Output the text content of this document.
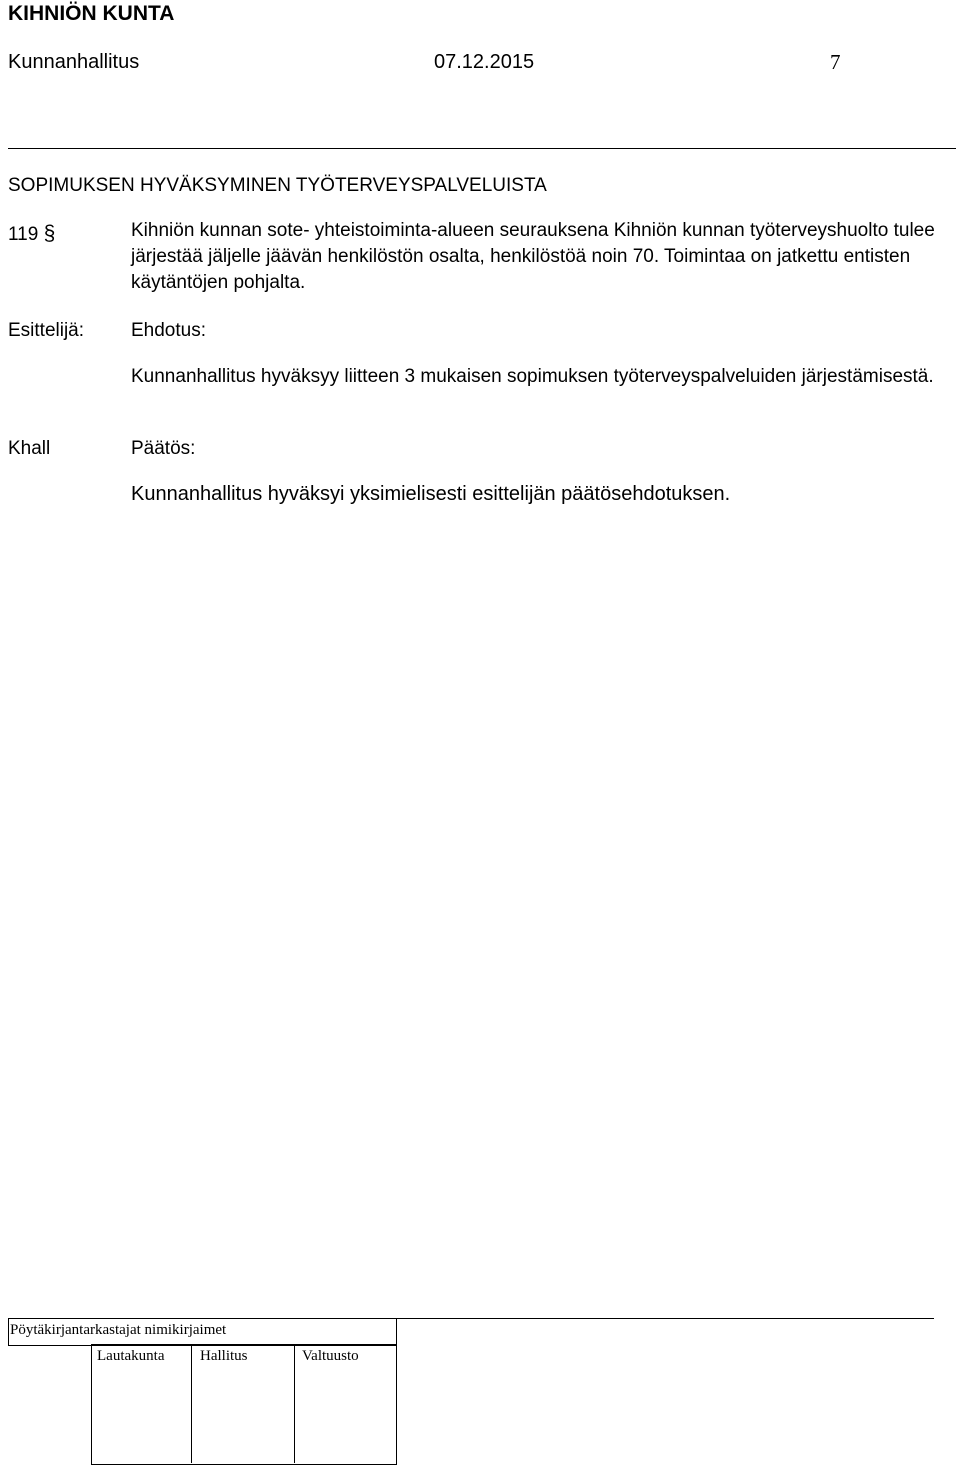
KIHNIÖN KUNTA
Kunnanhallitus	07.12.2015	7
SOPIMUKSEN HYVÄKSYMINEN TYÖTERVEYSPALVELUISTA
119 §	Kihniön kunnan sote- yhteistoiminta-alueen seurauksena Kihniön kunnan työterveyshuolto tulee järjestää jäljelle jäävän henkilöstön osalta, henkilöstöä noin 70. Toimintaa on jatkettu entisten käytäntöjen pohjalta.
Esittelijä: Ehdotus:
Kunnanhallitus hyväksyy liitteen 3 mukaisen sopimuksen työterveyspalveluiden järjestämisestä.
Khall	Päätös:
Kunnanhallitus hyväksyi yksimielisesti esittelijän päätösehdotuksen.
Pöytäkirjantarkastajat nimikirjaimet
Lautakunta Hallitus	Valtuusto
